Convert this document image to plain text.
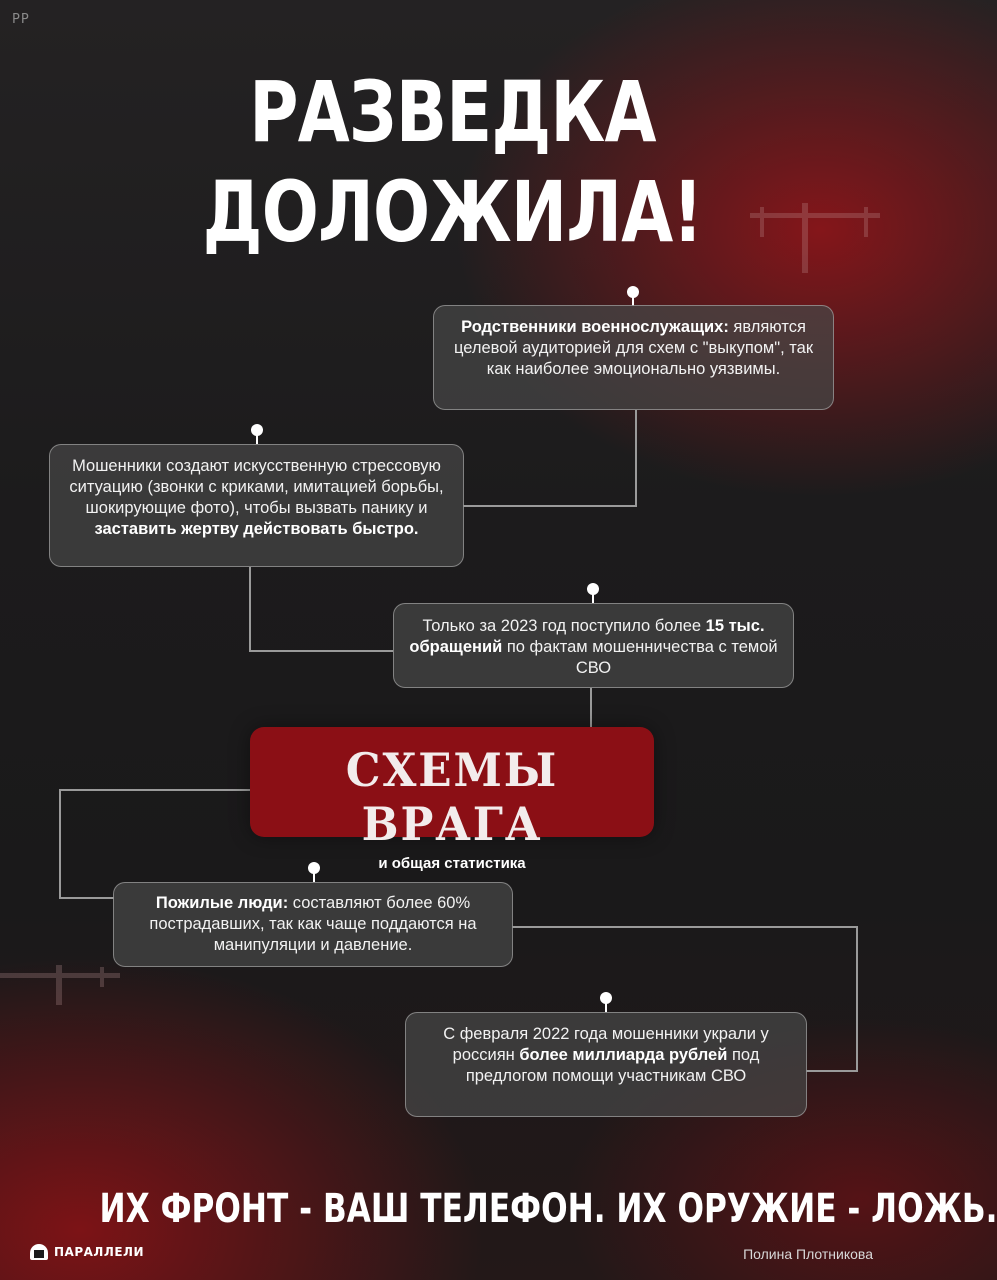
PP
РАЗВЕДКА
ДОЛОЖИЛА!
Родственники военнослужащих: являются целевой аудиторией для схем с "выкупом", так как наиболее эмоционально уязвимы.
Мошенники создают искусственную стрессовую ситуацию (звонки с криками, имитацией борьбы, шокирующие фото), чтобы вызвать панику и заставить жертву действовать быстро.
Только за 2023 год поступило более 15 тыс. обращений по фактам мошенничества с темой СВО
СХЕМЫ ВРАГА
и общая статистика
Пожилые люди: составляют более 60% пострадавших, так как чаще поддаются на манипуляции и давление.
С февраля 2022 года мошенники украли у россиян более миллиарда рублей под предлогом помощи участникам СВО
ИХ ФРОНТ - ВАШ ТЕЛЕФОН. ИХ ОРУЖИЕ - ЛОЖЬ.
ПАРАЛЛЕЛИ	Полина Плотникова
